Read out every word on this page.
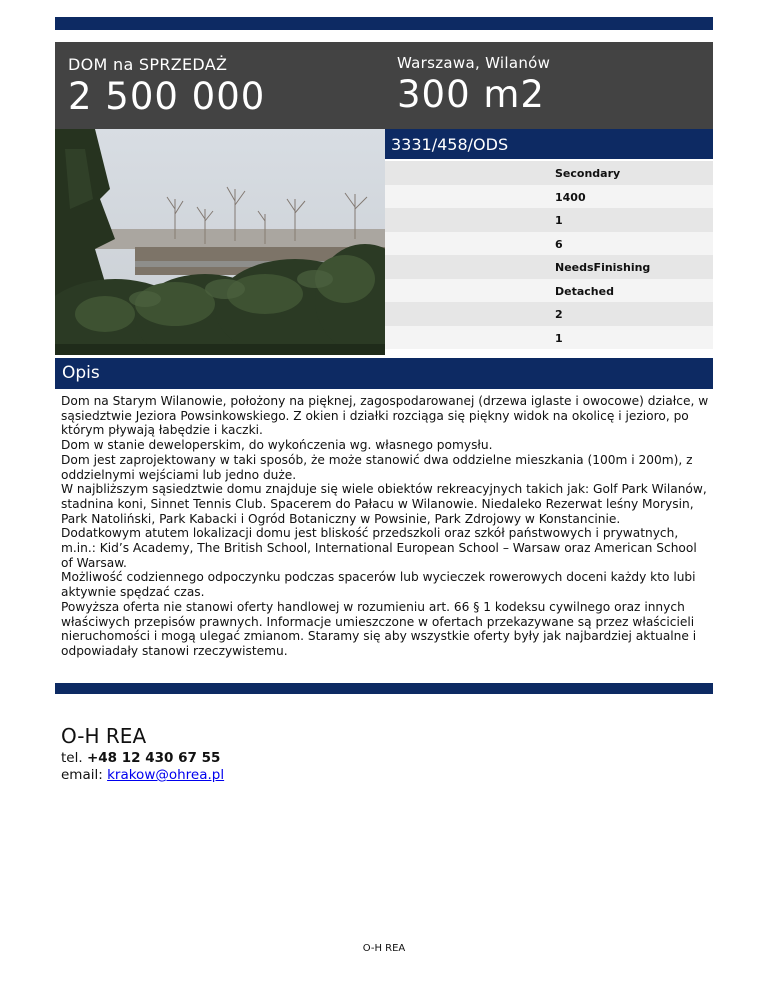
DOM na SPRZEDAŻ
2 500 000
Warszawa, Wilanów
300 m2
3331/458/ODS
Secondary
1400
1
6
NeedsFinishing
Detached
2
1
Opis

Dom na Starym Wilanowie, położony na pięknej, zagospodarowanej (drzewa iglaste i owocowe) działce, w sąsiedztwie Jeziora Powsinkowskiego. Z okien i działki rozciąga się piękny widok na okolicę i jezioro, po którym pływają łabędzie i kaczki.

Dom w stanie deweloperskim, do wykończenia wg. własnego pomysłu.

Dom jest zaprojektowany w taki sposób, że może stanowić dwa oddzielne mieszkania (100m i 200m), z oddzielnymi wejściami lub jedno duże.

W najbliższym sąsiedztwie domu znajduje się wiele obiektów rekreacyjnych takich jak: Golf Park Wilanów, stadnina koni, Sinnet Tennis Club. Spacerem do Pałacu w Wilanowie. Niedaleko Rezerwat leśny Morysin, Park Natoliński, Park Kabacki i Ogród Botaniczny w Powsinie, Park Zdrojowy w Konstancinie.

Dodatkowym atutem lokalizacji domu jest bliskość przedszkoli oraz szkół państwowych i prywatnych, m.in.: Kid’s Academy, The British School, International European School – Warsaw oraz American School of Warsaw.

Możliwość codziennego odpoczynku podczas spacerów lub wycieczek rowerowych doceni każdy kto lubi aktywnie spędzać czas.

Powyższa oferta nie stanowi oferty handlowej w rozumieniu art. 66 § 1 kodeksu cywilnego oraz innych właściwych przepisów prawnych. Informacje umieszczone w ofertach przekazywane są przez właścicieli nieruchomości i mogą ulegać zmianom. Staramy się aby wszystkie oferty były jak najbardziej aktualne i odpowiadały stanowi rzeczywistemu.

O-H REA
tel. +48 12 430 67 55
email: krakow@ohrea.pl
O-H REA
